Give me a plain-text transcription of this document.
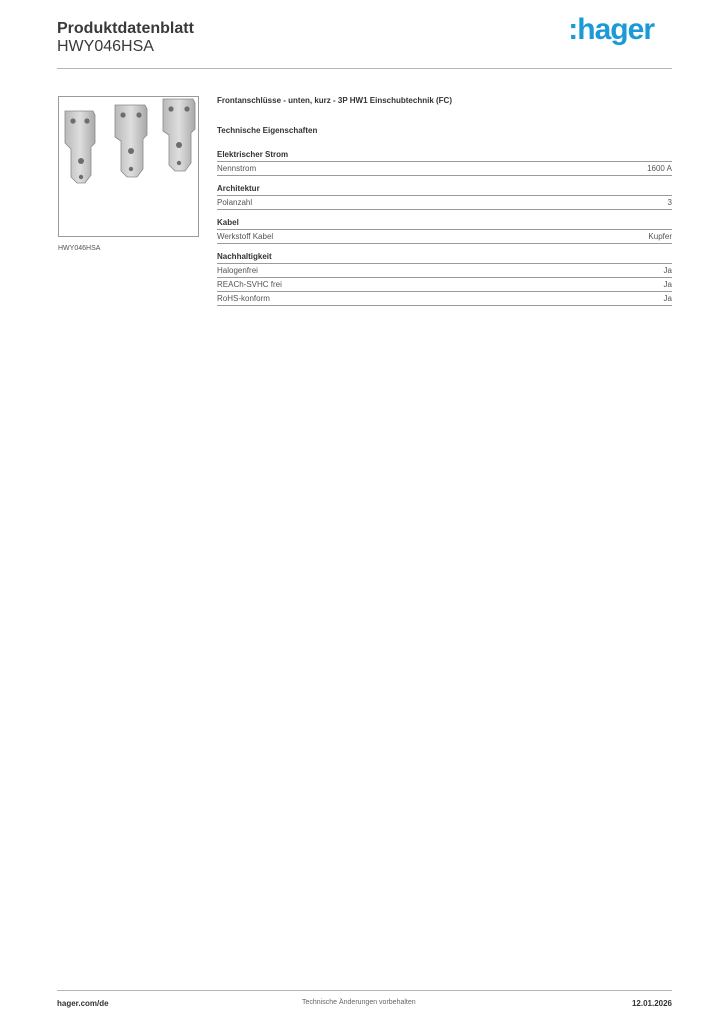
Produktdatenblatt
HWY046HSA
:hager
HWY046HSA
Frontanschlüsse - unten, kurz - 3P HW1 Einschubtechnik (FC)
Technische Eigenschaften
Elektrischer Strom
Nennstrom	1600 A
Architektur
Polanzahl	3
Kabel
Werkstoff Kabel	Kupfer
Nachhaltigkeit
Halogenfrei	Ja
REACh-SVHC frei	Ja
RoHS-konform	Ja
hager.com/de	Technische Änderungen vorbehalten	12.01.2026
